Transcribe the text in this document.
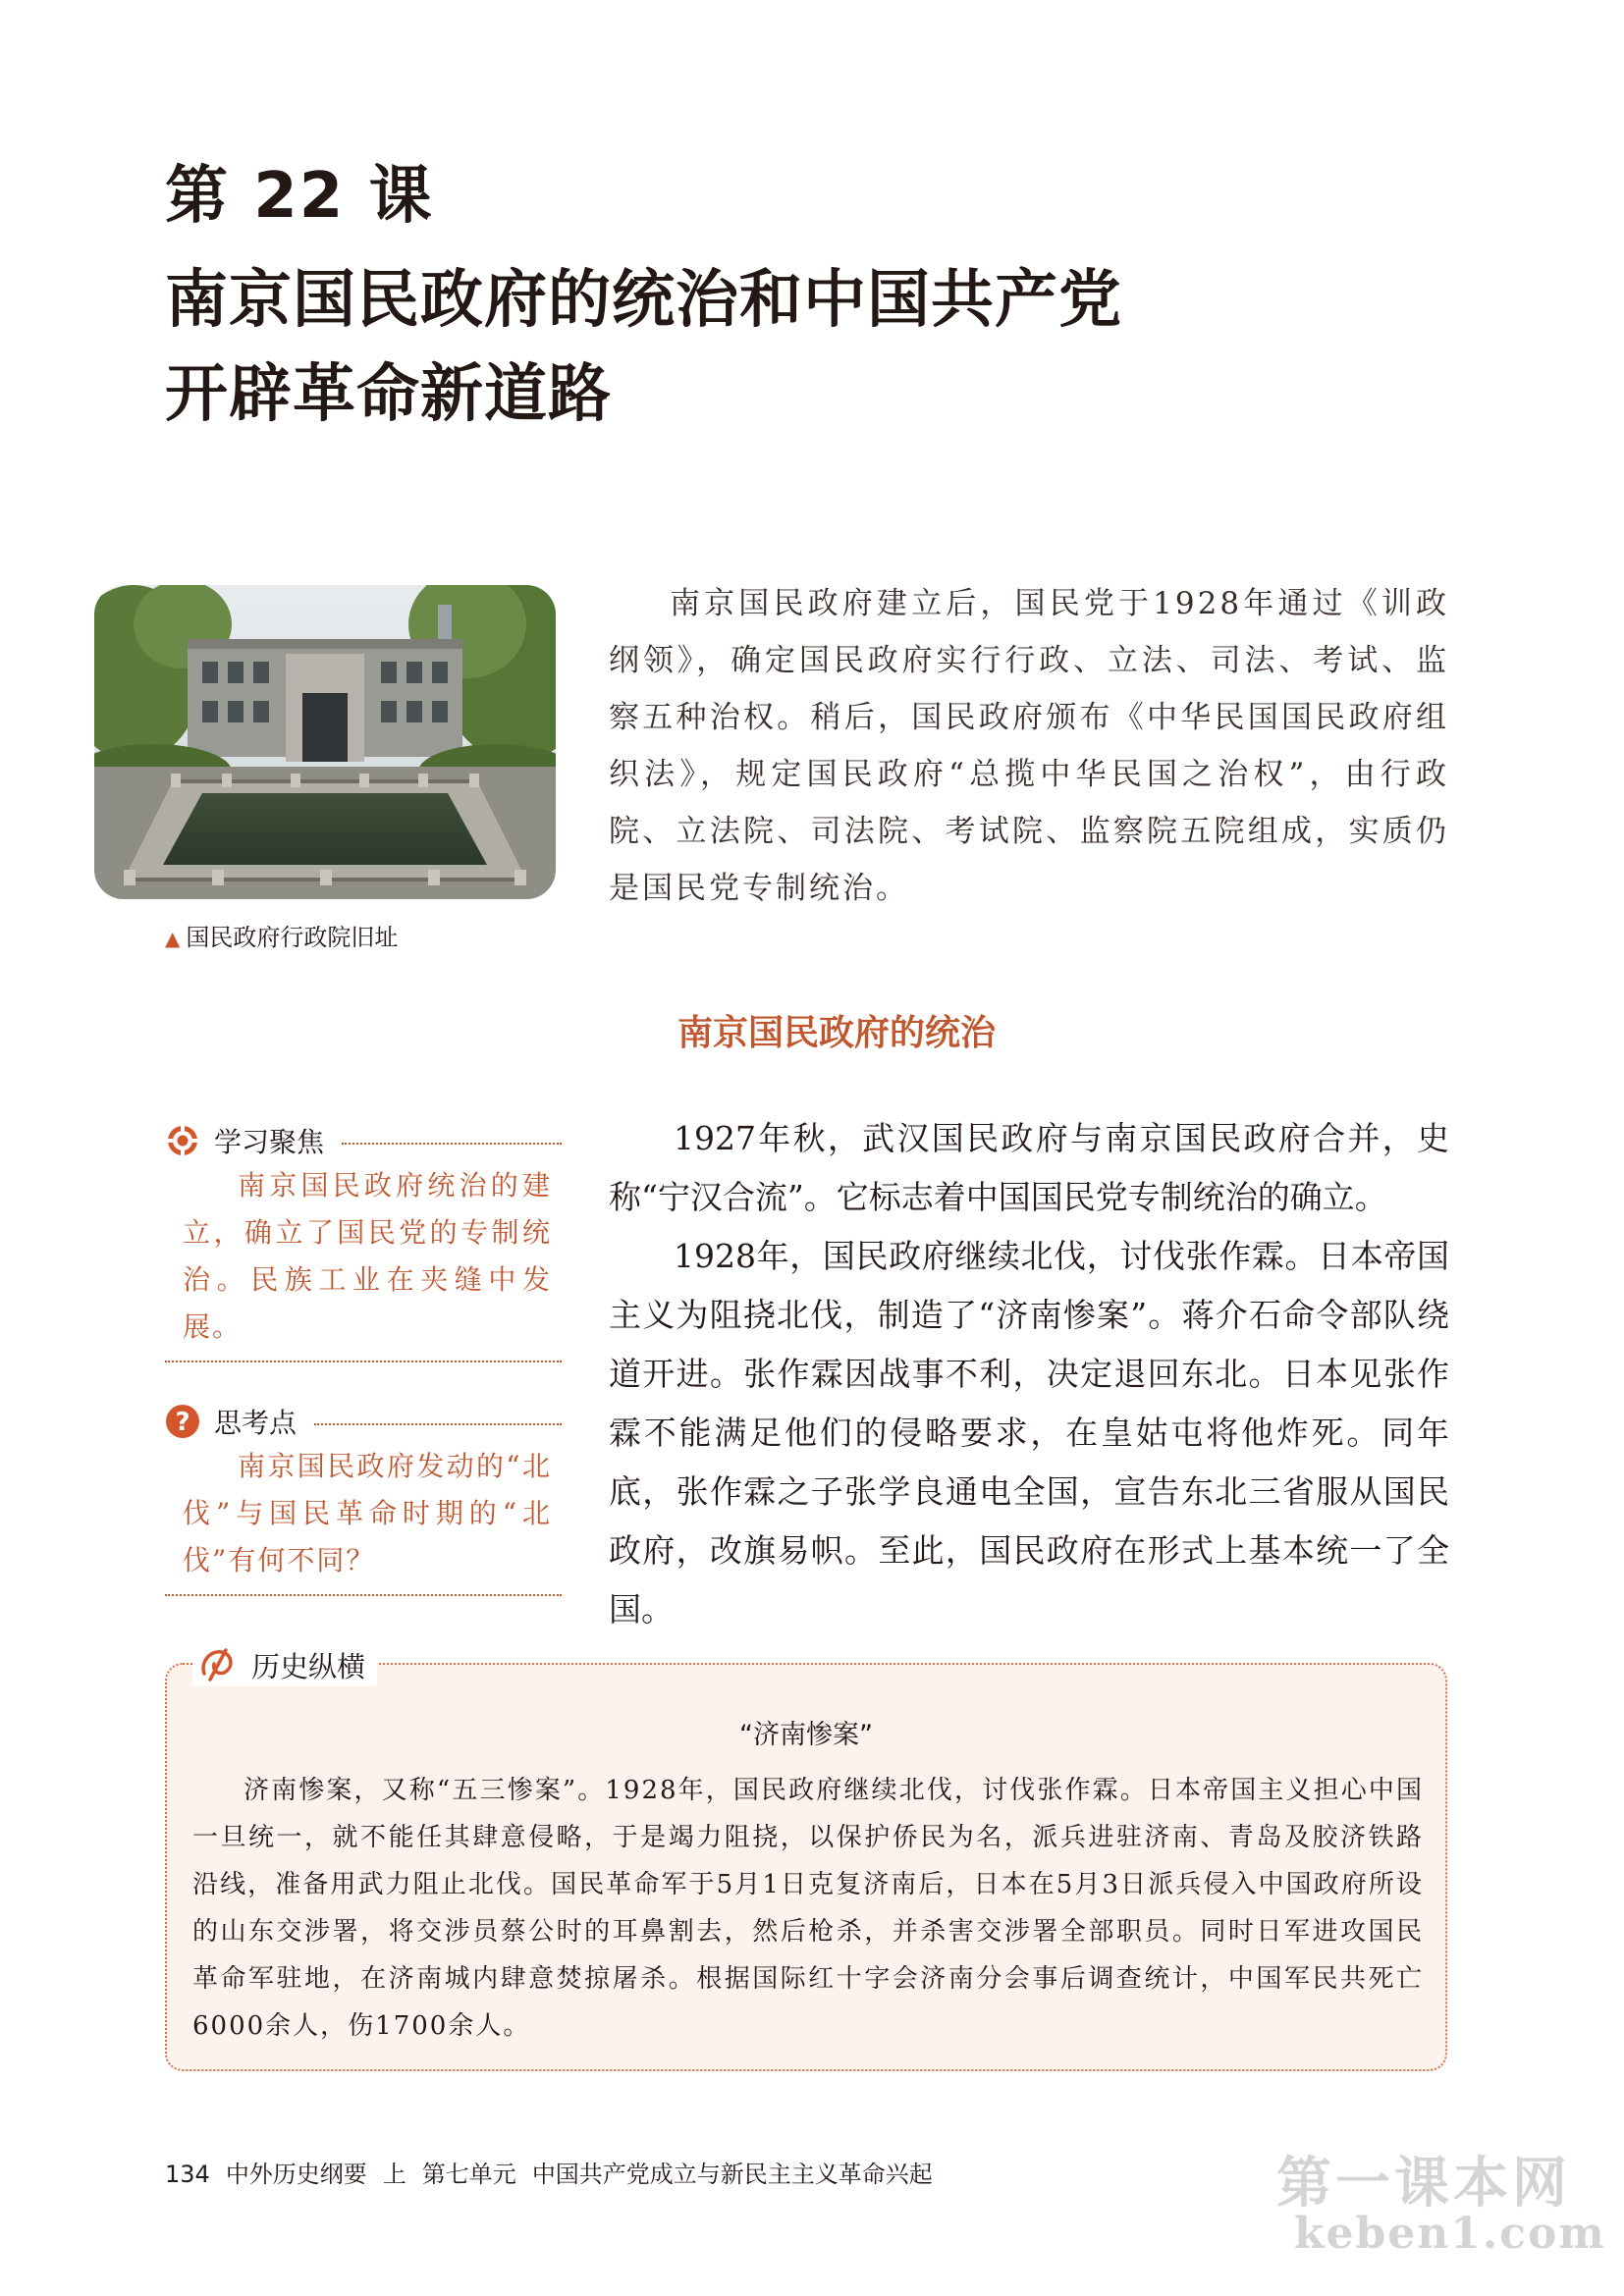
第 22 课
南京国民政府的统治和中国共产党
开辟革命新道路
▲ 国民政府行政院旧址

南京国民政府建立后，国民党于1928年通过《训政纲领》，确定国民政府实行行政、立法、司法、考试、监察五种治权。稍后，国民政府颁布《中华民国国民政府组织法》，规定国民政府“总揽中华民国之治权”，由行政院、立法院、司法院、考试院、监察院五院组成，实质仍是国民党专制统治。

南京国民政府的统治

1927年秋，武汉国民政府与南京国民政府合并，史称“宁汉合流”。它标志着中国国民党专制统治的确立。

1928年，国民政府继续北伐，讨伐张作霖。日本帝国主义为阻挠北伐，制造了“济南惨案”。蒋介石命令部队绕道开进。张作霖因战事不利，决定退回东北。日本见张作霖不能满足他们的侵略要求，在皇姑屯将他炸死。同年底，张作霖之子张学良通电全国，宣告东北三省服从国民政府，改旗易帜。至此，国民政府在形式上基本统一了全国。

学习聚焦

南京国民政府统治的建立，确立了国民党的专制统治。民族工业在夹缝中发展。

? 思考点

南京国民政府发动的“北伐”与国民革命时期的“北伐”有何不同？

历史纵横
“济南惨案”

济南惨案，又称“五三惨案”。1928年，国民政府继续北伐，讨伐张作霖。日本帝国主义担心中国一旦统一，就不能任其肆意侵略，于是竭力阻挠，以保护侨民为名，派兵进驻济南、青岛及胶济铁路沿线，准备用武力阻止北伐。国民革命军于5月1日克复济南后，日本在5月3日派兵侵入中国政府所设的山东交涉署，将交涉员蔡公时的耳鼻割去，然后枪杀，并杀害交涉署全部职员。同时日军进攻国民革命军驻地，在济南城内肆意焚掠屠杀。根据国际红十字会济南分会事后调查统计，中国军民共死亡6000余人，伤1700余人。

134 中外历史纲要 上 第七单元 中国共产党成立与新民主主义革命兴起	第一课本网
keben1.com
